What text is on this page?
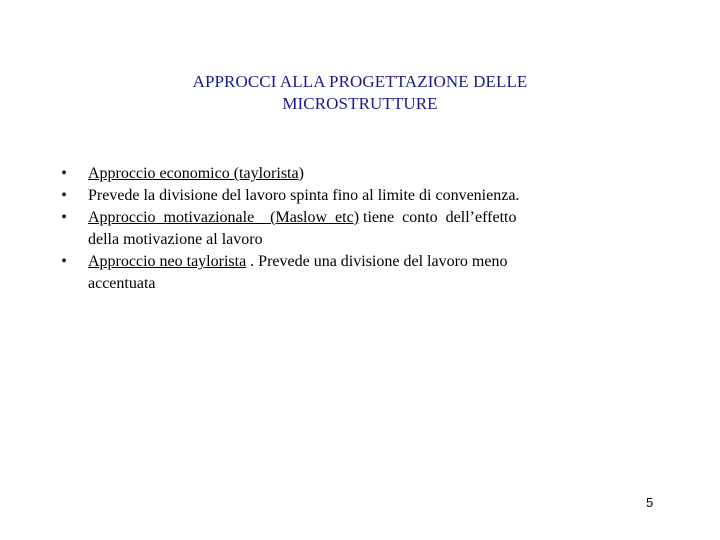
APPROCCI ALLA PROGETTAZIONE DELLE
MICROSTRUTTURE
• Approccio economico (taylorista)
• Prevede la divisione del lavoro spinta fino al limite di convenienza.
• Approccio  motivazionale    (Maslow  etc) tiene  conto  dell’effetto
della motivazione al lavoro
• Approccio neo taylorista . Prevede una divisione del lavoro meno
accentuata
5
